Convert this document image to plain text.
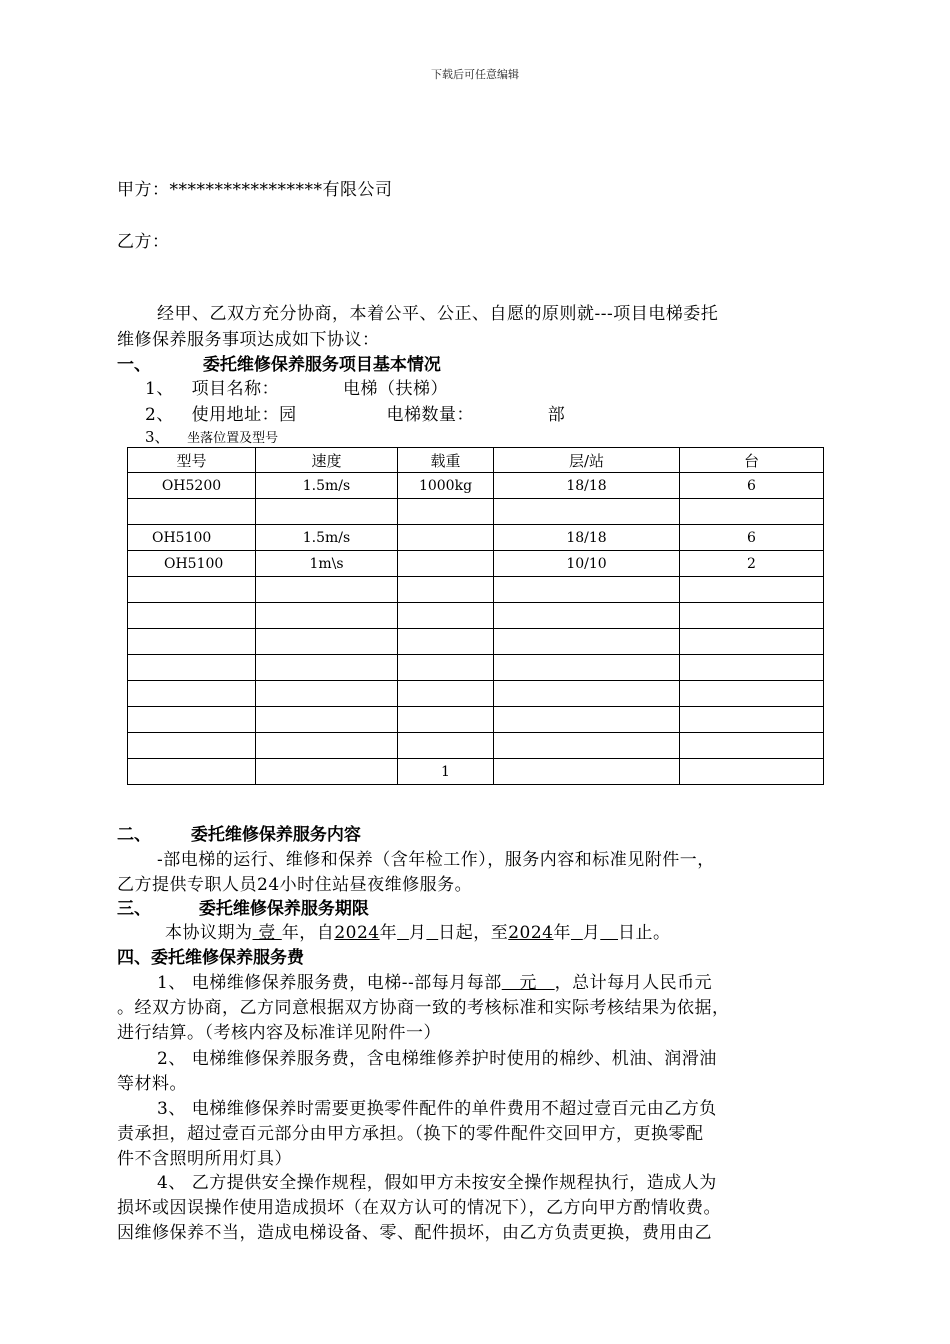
下载后可任意编辑
甲方：*****************有限公司
乙方：
经甲、乙双方充分协商，本着公平、公正、自愿的原则就---项目电梯委托
维修保养服务事项达成如下协议：
一、	委托维修保养服务项目基本情况
1、 项目名称：	电梯（扶梯）
2、 使用地址：园	电梯数量：	部
3、 坐落位置及型号
型号	速度	载重	层/站	台
OH5200	1.5m/s	1000kg	18/18	6

OH5100	1.5m/s		18/18	6
OH5100	1m\s		10/10	2

		1		
二、 委托维修保养服务内容
-部电梯的运行、维修和保养（含年检工作），服务内容和标准见附件一，
乙方提供专职人员24小时住站昼夜维修服务。
三、	委托维修保养服务期限
本协议期为 壹 年，自2024年 月 日起，至2024年 月 日止。
四、委托维修保养服务费
1、 电梯维修保养服务费，电梯--部每月每部   元   ，总计每月人民币元
。经双方协商，乙方同意根据双方协商一致的考核标准和实际考核结果为依据，
进行结算。（考核内容及标准详见附件一）
2、 电梯维修保养服务费，含电梯维修养护时使用的棉纱、机油、润滑油
等材料。
3、 电梯维修保养时需要更换零件配件的单件费用不超过壹百元由乙方负
责承担，超过壹百元部分由甲方承担。（换下的零件配件交回甲方，更换零配
件不含照明所用灯具）
4、 乙方提供安全操作规程，假如甲方未按安全操作规程执行，造成人为
损坏或因误操作使用造成损坏（在双方认可的情况下），乙方向甲方酌情收费。
因维修保养不当，造成电梯设备、零、配件损坏，由乙方负责更换，费用由乙
